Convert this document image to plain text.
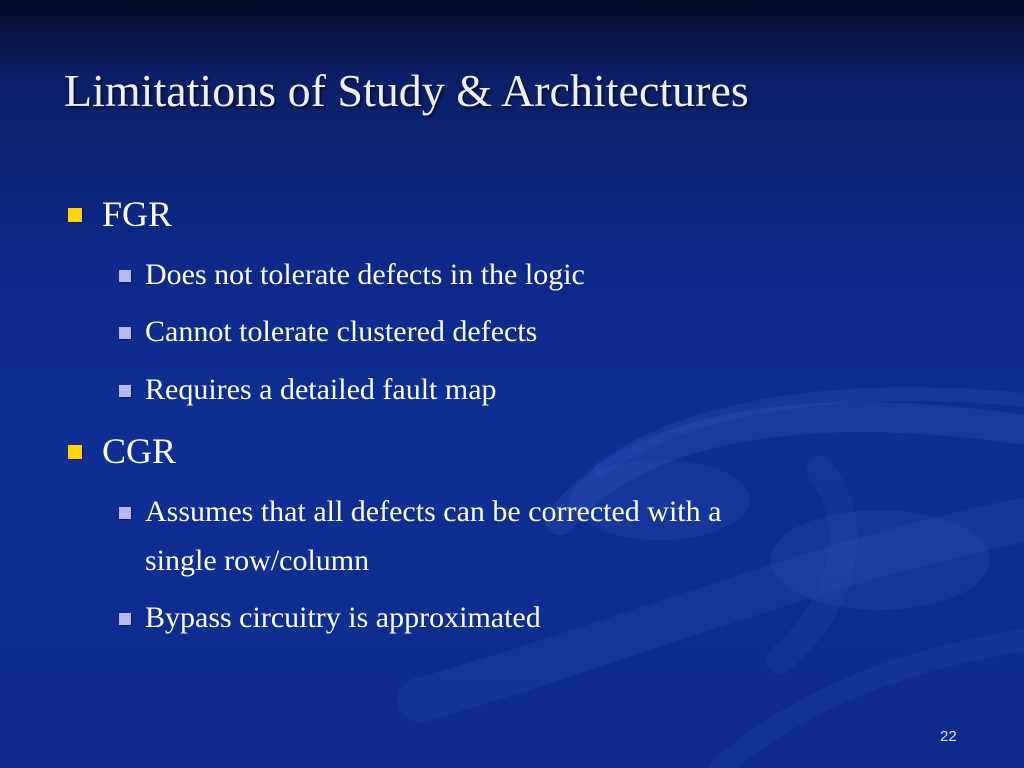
Limitations of Study & Architectures
FGR
Does not tolerate defects in the logic
Cannot tolerate clustered defects
Requires a detailed fault map
CGR
Assumes that all defects can be corrected with a
single row/column
Bypass circuitry is approximated
22
